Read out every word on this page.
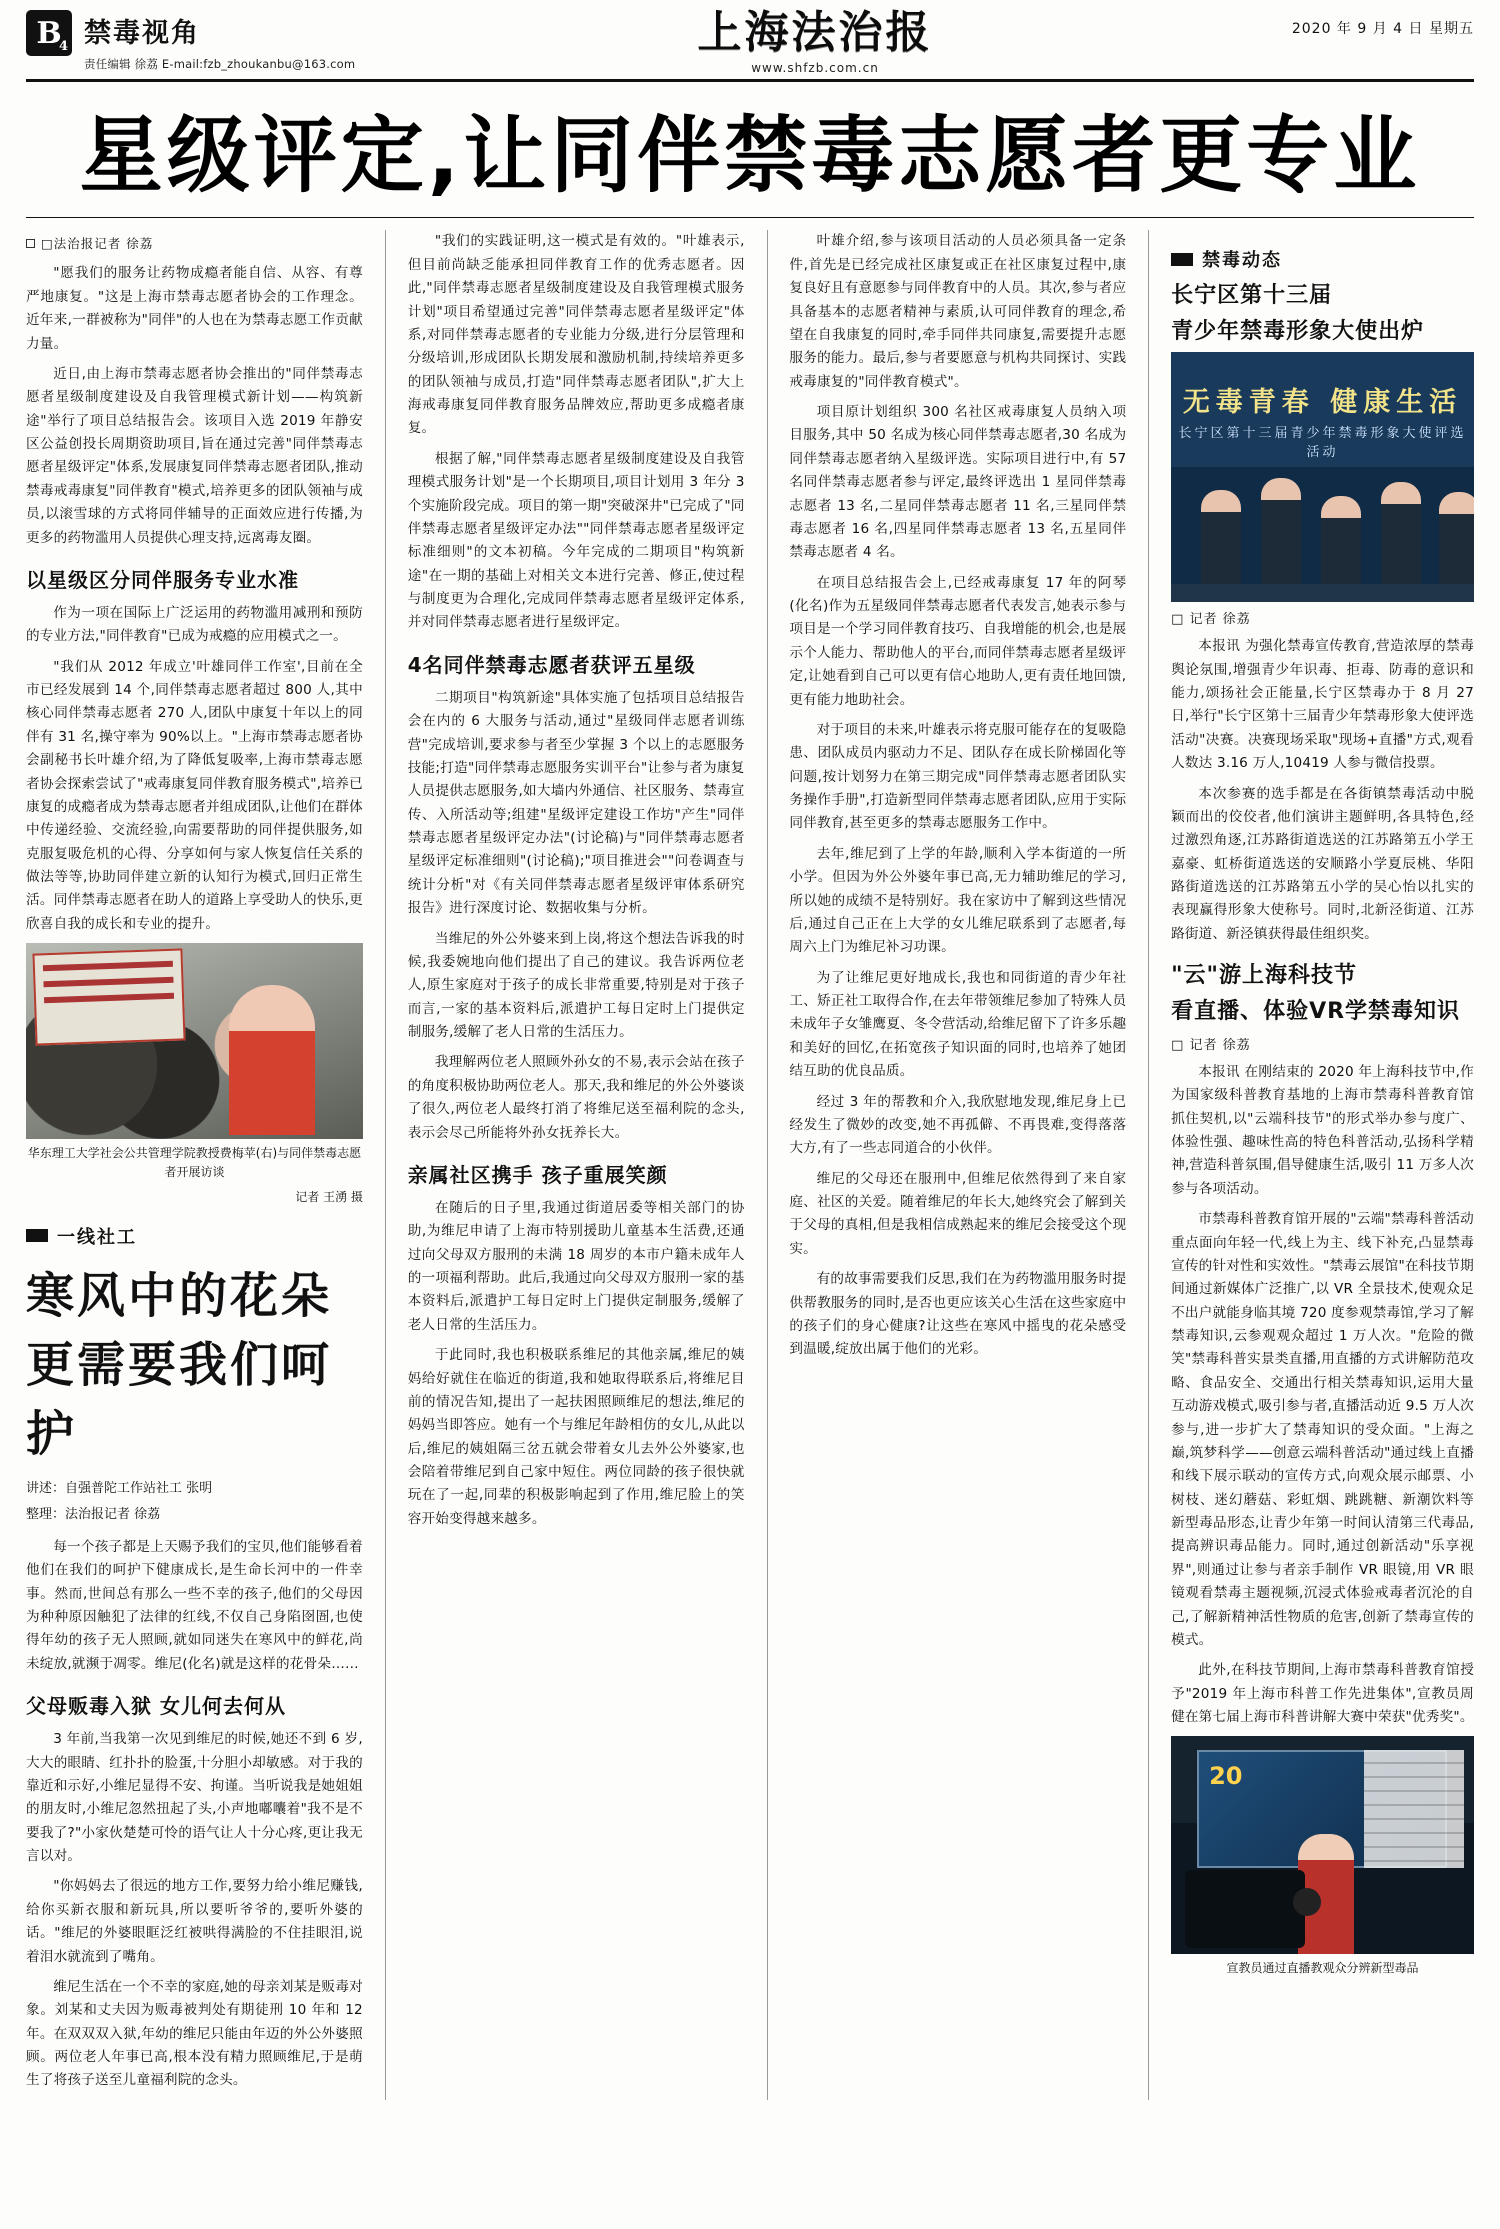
B
4 禁毒视角
责任编辑 徐荔 E-mail:fzb_zhoukanbu@163.com
上海法治报
www.shfzb.com.cn
2020 年 9 月 4 日 星期五
星级评定,让同伴禁毒志愿者更专业
□法治报记者 徐荔

"愿我们的服务让药物成瘾者能自信、从容、有尊严地康复。"这是上海市禁毒志愿者协会的工作理念。近年来,一群被称为"同伴"的人也在为禁毒志愿工作贡献力量。

近日,由上海市禁毒志愿者协会推出的"同伴禁毒志愿者星级制度建设及自我管理模式新计划——构筑新途"举行了项目总结报告会。该项目入选 2019 年静安区公益创投长周期资助项目,旨在通过完善"同伴禁毒志愿者星级评定"体系,发展康复同伴禁毒志愿者团队,推动禁毒戒毒康复"同伴教育"模式,培养更多的团队领袖与成员,以滚雪球的方式将同伴辅导的正面效应进行传播,为更多的药物滥用人员提供心理支持,远离毒友圈。

以星级区分同伴服务专业水准

作为一项在国际上广泛运用的药物滥用减刑和预防的专业方法,"同伴教育"已成为戒瘾的应用模式之一。

"我们从 2012 年成立'叶雄同伴工作室',目前在全市已经发展到 14 个,同伴禁毒志愿者超过 800 人,其中核心同伴禁毒志愿者 270 人,团队中康复十年以上的同伴有 31 名,操守率为 90%以上。"上海市禁毒志愿者协会副秘书长叶雄介绍,为了降低复吸率,上海市禁毒志愿者协会探索尝试了"戒毒康复同伴教育服务模式",培养已康复的成瘾者成为禁毒志愿者并组成团队,让他们在群体中传递经验、交流经验,向需要帮助的同伴提供服务,如克服复吸危机的心得、分享如何与家人恢复信任关系的做法等等,协助同伴建立新的认知行为模式,回归正常生活。同伴禁毒志愿者在助人的道路上享受助人的快乐,更欣喜自我的成长和专业的提升。

华东理工大学社会公共管理学院教授费梅苹(右)与同伴禁毒志愿者开展访谈
记者 王湧 摄
一线社工
寒风中的花朵更需要我们呵护
讲述：自强普陀工作站社工 张明
整理：法治报记者 徐荔

每一个孩子都是上天赐予我们的宝贝,他们能够看着他们在我们的呵护下健康成长,是生命长河中的一件幸事。然而,世间总有那么一些不幸的孩子,他们的父母因为种种原因触犯了法律的红线,不仅自己身陷囹圄,也使得年幼的孩子无人照顾,就如同迷失在寒风中的鲜花,尚未绽放,就濒于凋零。维尼(化名)就是这样的花骨朵……

父母贩毒入狱 女儿何去何从

3 年前,当我第一次见到维尼的时候,她还不到 6 岁,大大的眼睛、红扑扑的脸蛋,十分胆小却敏感。对于我的靠近和示好,小维尼显得不安、拘谨。当听说我是她姐姐的朋友时,小维尼忽然扭起了头,小声地嘟囔着"我不是不要我了?"小家伙楚楚可怜的语气让人十分心疼,更让我无言以对。

"你妈妈去了很远的地方工作,要努力给小维尼赚钱,给你买新衣服和新玩具,所以要听爷爷的,要听外婆的话。"维尼的外婆眼眶泛红被哄得满脸的不住挂眼泪,说着泪水就流到了嘴角。

维尼生活在一个不幸的家庭,她的母亲刘某是贩毒对象。刘某和丈夫因为贩毒被判处有期徒刑 10 年和 12 年。在双双双入狱,年幼的维尼只能由年迈的外公外婆照顾。两位老人年事已高,根本没有精力照顾维尼,于是萌生了将孩子送至儿童福利院的念头。

"我们的实践证明,这一模式是有效的。"叶雄表示,但目前尚缺乏能承担同伴教育工作的优秀志愿者。因此,"同伴禁毒志愿者星级制度建设及自我管理模式服务计划"项目希望通过完善"同伴禁毒志愿者星级评定"体系,对同伴禁毒志愿者的专业能力分级,进行分层管理和分级培训,形成团队长期发展和激励机制,持续培养更多的团队领袖与成员,打造"同伴禁毒志愿者团队",扩大上海戒毒康复同伴教育服务品牌效应,帮助更多成瘾者康复。

根据了解,"同伴禁毒志愿者星级制度建设及自我管理模式服务计划"是一个长期项目,项目计划用 3 年分 3 个实施阶段完成。项目的第一期"突破深井"已完成了"同伴禁毒志愿者星级评定办法""同伴禁毒志愿者星级评定标准细则"的文本初稿。今年完成的二期项目"构筑新途"在一期的基础上对相关文本进行完善、修正,使过程与制度更为合理化,完成同伴禁毒志愿者星级评定体系,并对同伴禁毒志愿者进行星级评定。

4名同伴禁毒志愿者获评五星级

二期项目"构筑新途"具体实施了包括项目总结报告会在内的 6 大服务与活动,通过"星级同伴志愿者训练营"完成培训,要求参与者至少掌握 3 个以上的志愿服务技能;打造"同伴禁毒志愿服务实训平台"让参与者为康复人员提供志愿服务,如大墙内外通信、社区服务、禁毒宣传、入所活动等;组建"星级评定建设工作坊"产生"同伴禁毒志愿者星级评定办法"(讨论稿)与"同伴禁毒志愿者星级评定标准细则"(讨论稿);"项目推进会""问卷调查与统计分析"对《有关同伴禁毒志愿者星级评审体系研究报告》进行深度讨论、数据收集与分析。

当维尼的外公外婆来到上岗,将这个想法告诉我的时候,我委婉地向他们提出了自己的建议。我告诉两位老人,原生家庭对于孩子的成长非常重要,特别是对于孩子而言,一家的基本资料后,派遣护工每日定时上门提供定制服务,缓解了老人日常的生活压力。

我理解两位老人照顾外孙女的不易,表示会站在孩子的角度积极协助两位老人。那天,我和维尼的外公外婆谈了很久,两位老人最终打消了将维尼送至福利院的念头,表示会尽己所能将外孙女抚养长大。

亲属社区携手 孩子重展笑颜

在随后的日子里,我通过街道居委等相关部门的协助,为维尼申请了上海市特别援助儿童基本生活费,还通过向父母双方服刑的未满 18 周岁的本市户籍未成年人的一项福利帮助。此后,我通过向父母双方服刑一家的基本资料后,派遣护工每日定时上门提供定制服务,缓解了老人日常的生活压力。

于此同时,我也积极联系维尼的其他亲属,维尼的姨妈给好就住在临近的街道,我和她取得联系后,将维尼目前的情况告知,提出了一起扶困照顾维尼的想法,维尼的妈妈当即答应。她有一个与维尼年龄相仿的女儿,从此以后,维尼的姨姐隔三岔五就会带着女儿去外公外婆家,也会陪着带维尼到自己家中短住。两位同龄的孩子很快就玩在了一起,同辈的积极影响起到了作用,维尼脸上的笑容开始变得越来越多。

叶雄介绍,参与该项目活动的人员必须具备一定条件,首先是已经完成社区康复或正在社区康复过程中,康复良好且有意愿参与同伴教育中的人员。其次,参与者应具备基本的志愿者精神与素质,认可同伴教育的理念,希望在自我康复的同时,牵手同伴共同康复,需要提升志愿服务的能力。最后,参与者要愿意与机构共同探讨、实践戒毒康复的"同伴教育模式"。

项目原计划组织 300 名社区戒毒康复人员纳入项目服务,其中 50 名成为核心同伴禁毒志愿者,30 名成为同伴禁毒志愿者纳入星级评选。实际项目进行中,有 57 名同伴禁毒志愿者参与评定,最终评选出 1 星同伴禁毒志愿者 13 名,二星同伴禁毒志愿者 11 名,三星同伴禁毒志愿者 16 名,四星同伴禁毒志愿者 13 名,五星同伴禁毒志愿者 4 名。

在项目总结报告会上,已经戒毒康复 17 年的阿琴(化名)作为五星级同伴禁毒志愿者代表发言,她表示参与项目是一个学习同伴教育技巧、自我增能的机会,也是展示个人能力、帮助他人的平台,而同伴禁毒志愿者星级评定,让她看到自己可以更有信心地助人,更有责任地回馈,更有能力地助社会。

对于项目的未来,叶雄表示将克服可能存在的复吸隐患、团队成员内驱动力不足、团队存在成长阶梯固化等问题,按计划努力在第三期完成"同伴禁毒志愿者团队实务操作手册",打造新型同伴禁毒志愿者团队,应用于实际同伴教育,甚至更多的禁毒志愿服务工作中。

去年,维尼到了上学的年龄,顺利入学本街道的一所小学。但因为外公外婆年事已高,无力辅助维尼的学习,所以她的成绩不是特别好。我在家访中了解到这些情况后,通过自己正在上大学的女儿维尼联系到了志愿者,每周六上门为维尼补习功课。

为了让维尼更好地成长,我也和同街道的青少年社工、矫正社工取得合作,在去年带领维尼参加了特殊人员未成年子女雏鹰夏、冬令营活动,给维尼留下了许多乐趣和美好的回忆,在拓宽孩子知识面的同时,也培养了她团结互助的优良品质。

经过 3 年的帮教和介入,我欣慰地发现,维尼身上已经发生了微妙的改变,她不再孤僻、不再畏难,变得落落大方,有了一些志同道合的小伙伴。

维尼的父母还在服刑中,但维尼依然得到了来自家庭、社区的关爱。随着维尼的年长大,她终究会了解到关于父母的真相,但是我相信成熟起来的维尼会接受这个现实。

有的故事需要我们反思,我们在为药物滥用服务时提供帮教服务的同时,是否也更应该关心生活在这些家庭中的孩子们的身心健康?让这些在寒风中摇曳的花朵感受到温暖,绽放出属于他们的光彩。

禁毒动态
长宁区第十三届
青少年禁毒形象大使出炉
无毒青春 健康生活
长宁区第十三届青少年禁毒形象大使评选活动
□ 记者 徐荔

本报讯 为强化禁毒宣传教育,营造浓厚的禁毒舆论氛围,增强青少年识毒、拒毒、防毒的意识和能力,颂扬社会正能量,长宁区禁毒办于 8 月 27 日,举行"长宁区第十三届青少年禁毒形象大使评选活动"决赛。决赛现场采取"现场+直播"方式,观看人数达 3.16 万人,10419 人参与微信投票。

本次参赛的选手都是在各街镇禁毒活动中脱颖而出的佼佼者,他们演讲主题鲜明,各具特色,经过激烈角逐,江苏路街道选送的江苏路第五小学王嘉豪、虹桥街道选送的安顺路小学夏辰桃、华阳路街道选送的江苏路第五小学的吴心怡以扎实的表现赢得形象大使称号。同时,北新泾街道、江苏路街道、新泾镇获得最佳组织奖。

"云"游上海科技节
看直播、体验VR学禁毒知识
□ 记者 徐荔

本报讯 在刚结束的 2020 年上海科技节中,作为国家级科普教育基地的上海市禁毒科普教育馆抓住契机,以"云端科技节"的形式举办参与度广、体验性强、趣味性高的特色科普活动,弘扬科学精神,营造科普氛围,倡导健康生活,吸引 11 万多人次参与各项活动。

市禁毒科普教育馆开展的"云端"禁毒科普活动重点面向年轻一代,线上为主、线下补充,凸显禁毒宣传的针对性和实效性。"禁毒云展馆"在科技节期间通过新媒体广泛推广,以 VR 全景技术,使观众足不出户就能身临其境 720 度参观禁毒馆,学习了解禁毒知识,云参观观众超过 1 万人次。"危险的微笑"禁毒科普实景类直播,用直播的方式讲解防范攻略、食品安全、交通出行相关禁毒知识,运用大量互动游戏模式,吸引参与者,直播活动近 9.5 万人次参与,进一步扩大了禁毒知识的受众面。"上海之巅,筑梦科学——创意云端科普活动"通过线上直播和线下展示联动的宣传方式,向观众展示邮票、小树枝、迷幻蘑菇、彩虹烟、跳跳糖、新潮饮料等新型毒品形态,让青少年第一时间认清第三代毒品,提高辨识毒品能力。同时,通过创新活动"乐享视界",则通过让参与者亲手制作 VR 眼镜,用 VR 眼镜观看禁毒主题视频,沉浸式体验戒毒者沉沦的自己,了解新精神活性物质的危害,创新了禁毒宣传的模式。

此外,在科技节期间,上海市禁毒科普教育馆授予"2019 年上海市科普工作先进集体",宣教员周健在第七届上海市科普讲解大赛中荣获"优秀奖"。

20
宣教员通过直播教观众分辨新型毒品
